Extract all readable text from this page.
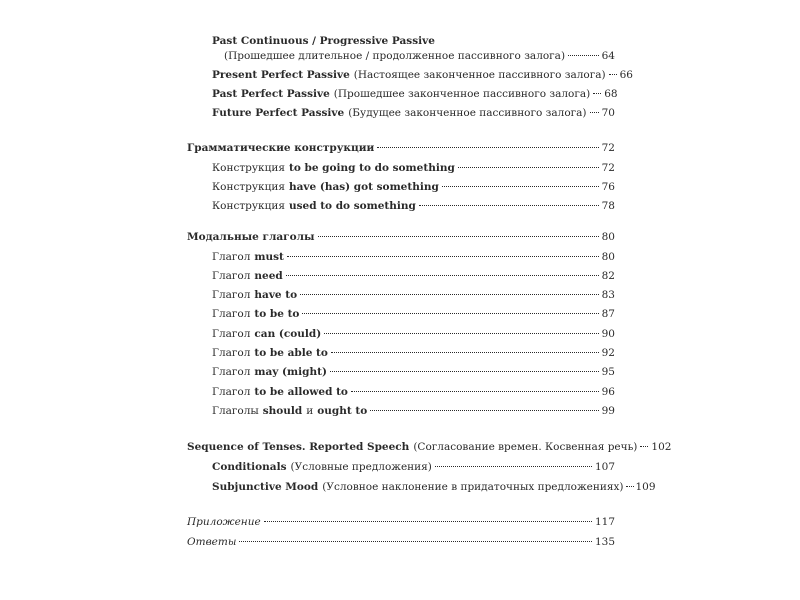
Past Continuous / Progressive Passive
(Прошедшее длительное / продолженное пассивного залога)	64
Present Perfect Passive (Настоящее законченное пассивного залога) 66
Past Perfect Passive (Прошедшее законченное пассивного залога) 68
Future Perfect Passive (Будущее законченное пассивного залога) 70
Грамматические конструкции	72
Конструкция to be going to do something	72
Конструкция have (has) got something	76
Конструкция used to do something	78
Модальные глаголы	80
Глагол must	80
Глагол need	82
Глагол have to	83
Глагол to be to	87
Глагол can (could)	90
Глагол to be able to	92
Глагол may (might)	95
Глагол to be allowed to	96
Глаголы should и ought to	99
Sequence of Tenses. Reported Speech (Согласование времен. Косвенная речь) 102
Conditionals (Условные предложения)	107
Subjunctive Mood (Условное наклонение в придаточных предложениях) 109
Приложение	117
Ответы	135
